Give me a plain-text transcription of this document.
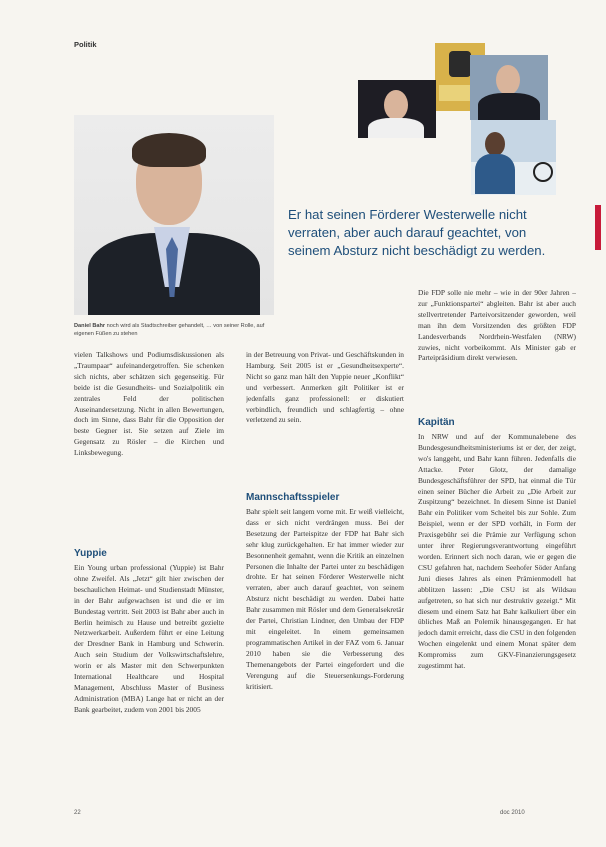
Politik
Er hat seinen Förderer Westerwelle nicht verraten, aber auch darauf geachtet, von seinem Absturz nicht beschädigt zu werden.
Daniel Bahr noch wird als Stadtschreiber gehandelt, … von seiner Rolle, auf eigenen Füßen zu stehen

vielen Talkshows und Podiumsdiskussionen als „Traumpaar“ aufeinandergetroffen. Sie schenken sich nichts, aber schätzen sich gegenseitig. Für beide ist die Gesundheits- und Sozialpolitik ein zentrales Feld der politischen Auseinandersetzung. Nicht in allen Bewertungen, doch im Sinne, dass Bahr für die Opposition der beste Gegner ist. Sie setzen auf Ziele im Gegensatz zu Rösler – die Kirchen und Linksbewegung.

Yuppie

Ein Young urban professional (Yuppie) ist Bahr ohne Zweifel. Als „Jetzt“ gilt hier zwischen der beschaulichen Heimat- und Studienstadt Münster, in der Bahr aufgewachsen ist und die er im Bundestag vertritt. Seit 2003 ist Bahr aber auch in Berlin heimisch zu Hause und betreibt gezielte Netzwerkarbeit. Außerdem führt er eine Leitung der Dresdner Bank in Hamburg und Schwerin. Auch sein Studium der Volkswirtschaftslehre, worin er als Master mit den Schwerpunkten International Healthcare und Hospital Management, Abschluss Master of Business Administration (MBA) Lange hat er nicht an der Bank gearbeitet, zudem von 2001 bis 2005

in der Betreuung von Privat- und Geschäftskunden in Hamburg. Seit 2005 ist er „Gesundheitsexperte“. Nicht so ganz man hält den Yuppie neuer „Konflikt“ und verbessert. Anmerken gilt Politiker ist er jedenfalls ganz professionell: er diskutiert verbindlich, freundlich und schlagfertig – ohne verletzend zu sein.

Mannschaftsspieler

Bahr spielt seit langem vorne mit. Er weiß vielleicht, dass er sich nicht verdrängen muss. Bei der Besetzung der Parteispitze der FDP hat Bahr sich sehr klug zurückgehalten. Er hat immer wieder zur Besonnenheit gemahnt, wenn die Kritik an einzelnen Personen die Inhalte der Partei unter zu beschädigen drohte. Er hat seinen Förderer Westerwelle nicht verraten, aber auch darauf geachtet, von seinem Absturz nicht beschädigt zu werden. Dabei hatte Bahr zusammen mit Rösler und dem Generalsekretär der Partei, Christian Lindner, den Umbau der FDP mit eingeleitet. In einem gemeinsamen programmatischen Artikel in der FAZ vom 6. Januar 2010 haben sie die Verbesserung des Themenangebots der Partei eingefordert und die Verengung auf die Steuersenkungs-Forderung kritisiert.

Die FDP solle nie mehr – wie in der 90er Jahren – zur „Funktionspartei“ abgleiten. Bahr ist aber auch stellvertretender Parteivorsitzender geworden, weil man ihn dem Vorsitzenden des größten FDP Landesverbands Nordrhein-Westfalen (NRW) zuwies, nicht vorbeikommt. Als Minister gab er Parteipräsidium direkt verwiesen.

Kapitän

In NRW und auf der Kommunalebene des Bundesgesundheitsministeriums ist er der, der zeigt, wo's langgeht, und Bahr kann führen. Jedenfalls die Attacke. Peter Glotz, der damalige Bundesgeschäftsführer der SPD, hat einmal die Tür einen seiner Bücher die Arbeit zu „Die Arbeit zur Zuspitzung“ bezeichnet. In diesem Sinne ist Daniel Bahr ein Politiker vom Scheitel bis zur Sohle. Zum Beispiel, wenn er der SPD vorhält, in Form der Praxisgebühr sei die Prämie zur Verfügung schon unter ihrer Regierungsverantwortung eingeführt worden. Erinnert sich noch daran, wie er gegen die CSU gefahren hat, nachdem Seehofer Söder Anfang Juni dieses Jahres als einen Prämienmodell hat abblitzen lassen: „Die CSU ist als Wildsau aufgetreten, so hat sich nur destruktiv gezeigt.“ Mit diesem und einem Satz hat Bahr kalkuliert über ein übliches Maß an Polemik hinausgegangen. Er hat jedoch damit erreicht, dass die CSU in den folgenden Wochen eingelenkt und einem Monat später dem Kompromiss zum GKV-Finanzierungsgesetz zugestimmt hat.

22	doc 2010
